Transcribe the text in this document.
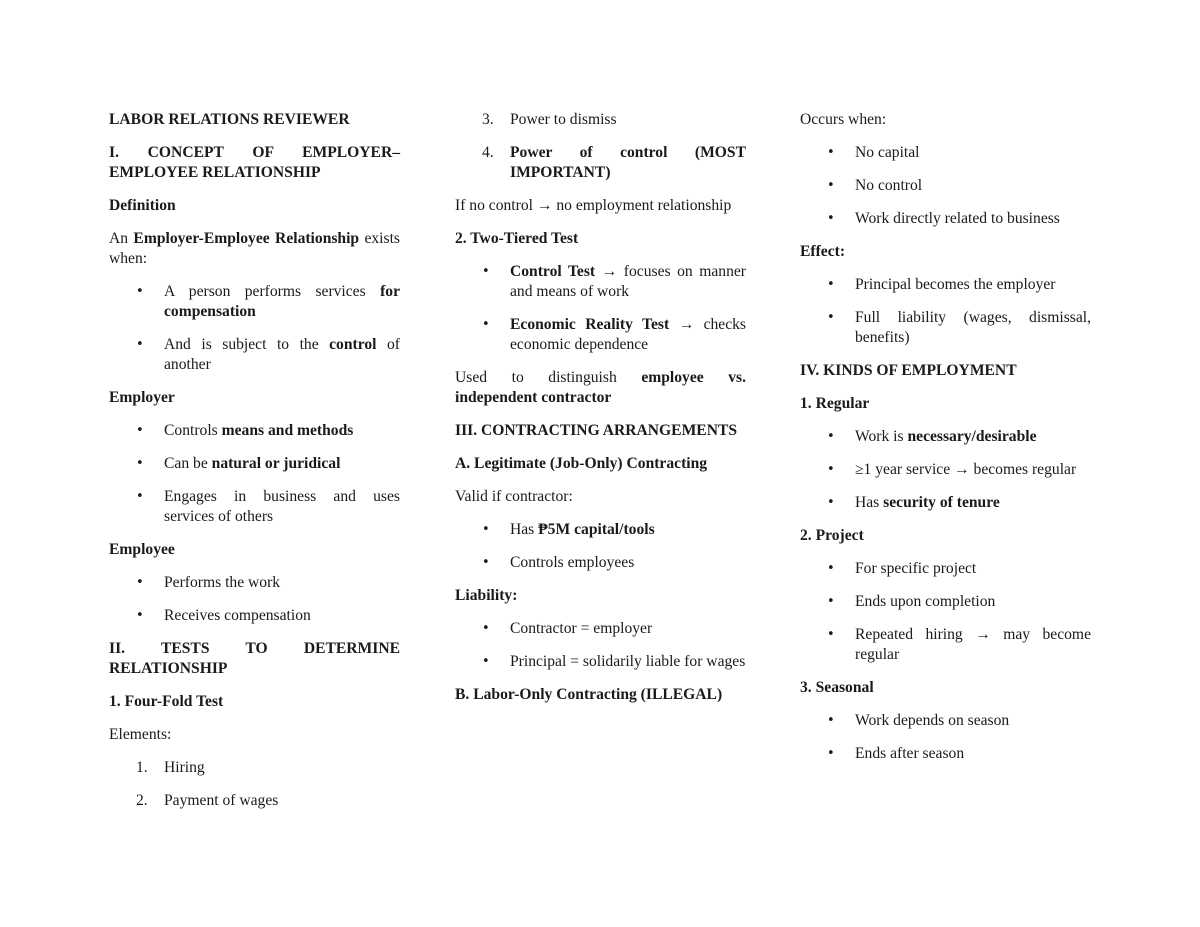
LABOR RELATIONS REVIEWER

I. CONCEPT OF EMPLOYER–EMPLOYEE RELATIONSHIP

Definition

An Employer-Employee Relationship exists when:

• A person performs services for compensation
• And is subject to the control of another

Employer

• Controls means and methods
• Can be natural or juridical
• Engages in business and uses services of others

Employee

• Performs the work
• Receives compensation

II. TESTS TO DETERMINE RELATIONSHIP

1. Four-Fold Test

Elements:

1. Hiring
2. Payment of wages
3. Power to dismiss
4. Power of control (MOST IMPORTANT)

If no control → no employment relationship

2. Two-Tiered Test

• Control Test → focuses on manner and means of work
• Economic Reality Test → checks economic dependence

Used to distinguish employee vs. independent contractor

III. CONTRACTING ARRANGEMENTS

A. Legitimate (Job-Only) Contracting

Valid if contractor:

• Has ₱5M capital/tools
• Controls employees

Liability:

• Contractor = employer
• Principal = solidarily liable for wages

B. Labor-Only Contracting (ILLEGAL)

Occurs when:

• No capital
• No control
• Work directly related to business

Effect:

• Principal becomes the employer
• Full liability (wages, dismissal, benefits)

IV. KINDS OF EMPLOYMENT

1. Regular

• Work is necessary/desirable
• ≥1 year service → becomes regular
• Has security of tenure

2. Project

• For specific project
• Ends upon completion
• Repeated hiring → may become regular

3. Seasonal

• Work depends on season
• Ends after season
